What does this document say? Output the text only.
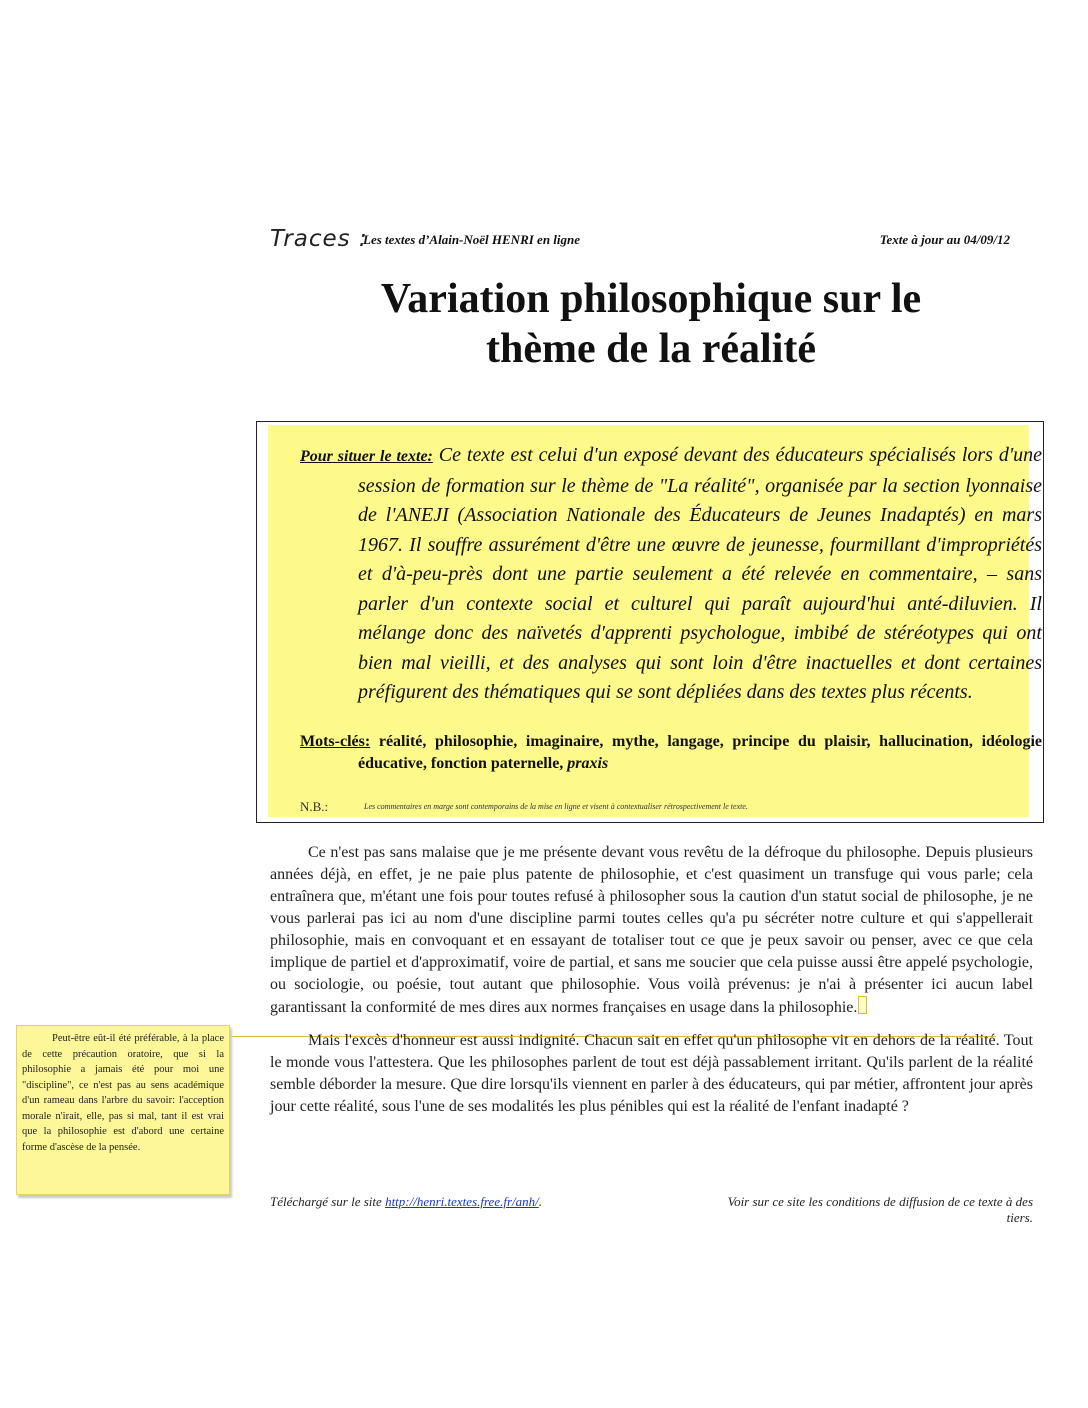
Traces :
Les textes d’Alain-Noël HENRI en ligne	Texte à jour au 04/09/12
Variation philosophique sur le
thème de la réalité

Pour situer le texte: Ce texte est celui d'un exposé devant des éducateurs spécialisés lors d'une session de formation sur le thème de "La réalité", organisée par la section lyonnaise de l'ANEJI (Association Nationale des Éducateurs de Jeunes Inadaptés) en mars 1967. Il souffre assurément d'être une œuvre de jeunesse, fourmillant d'impropriétés et d'à-peu-près dont une partie seulement a été relevée en commentaire, – sans parler d'un contexte social et culturel qui paraît aujourd'hui anté-diluvien. Il mélange donc des naïvetés d'apprenti psychologue, imbibé de stéréotypes qui ont bien mal vieilli, et des analyses qui sont loin d'être inactuelles et dont certaines préfigurent des thématiques qui se sont dépliées dans des textes plus récents.

Mots-clés: réalité, philosophie, imaginaire, mythe, langage, principe du plaisir, hallucination, idéologie éducative, fonction paternelle, praxis

N.B.:	Les commentaires en marge sont contemporains de la mise en ligne et visent à contextualiser rétrospectivement le texte.

Ce n'est pas sans malaise que je me présente devant vous revêtu de la défroque du philosophe. Depuis plusieurs années déjà, en effet, je ne paie plus patente de philosophie, et c'est quasiment un transfuge qui vous parle; cela entraînera que, m'étant une fois pour toutes refusé à philosopher sous la caution d'un statut social de philosophe, je ne vous parlerai pas ici au nom d'une discipline parmi toutes celles qu'a pu sécréter notre culture et qui s'appellerait philosophie, mais en convoquant et en essayant de totaliser tout ce que je peux savoir ou penser, avec ce que cela implique de partiel et d'approximatif, voire de partial, et sans me soucier que cela puisse aussi être appelé psychologie, ou sociologie, ou poésie, tout autant que philosophie. Vous voilà prévenus: je n'ai à présenter ici aucun label garantissant la conformité de mes dires aux normes françaises en usage dans la philosophie.

Peut-être eût-il été préférable, à la place de cette précaution oratoire, que si la philosophie a jamais été pour moi une "discipline", ce n'est pas au sens académique d'un rameau dans l'arbre du savoir: l'acception morale n'irait, elle, pas si mal, tant il est vrai que la philosophie est d'abord une certaine forme d'ascèse de la pensée.

Mais l'excès d'honneur est aussi indignité. Chacun sait en effet qu'un philosophe vit en dehors de la réalité. Tout le monde vous l'attestera. Que les philosophes parlent de tout est déjà passablement irritant. Qu'ils parlent de la réalité semble déborder la mesure. Que dire lorsqu'ils viennent en parler à des éducateurs, qui par métier, affrontent jour après jour cette réalité, sous l'une de ses modalités les plus pénibles qui est la réalité de l'enfant inadapté ?

Téléchargé sur le site http://henri.textes.free.fr/anh/.	Voir sur ce site les conditions de diffusion de ce texte à des tiers.
